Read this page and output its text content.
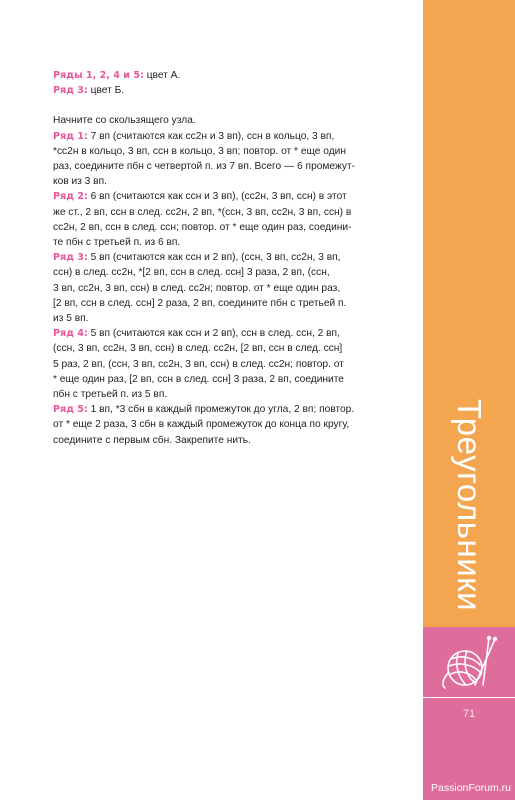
Ряды 1, 2, 4 и 5: цвет А.

Ряд 3: цвет Б.

Начните со скользящего узла.

Ряд 1: 7 вп (считаются как сс2н и 3 вп), ссн в кольцо, 3 вп,

*сс2н в кольцо, 3 вп, ссн в кольцо, 3 вп; повтор. от * еще один

раз, соедините пбн с четвертой п. из 7 вп. Всего — 6 промежут-

ков из 3 вп.

Ряд 2: 6 вп (считаются как ссн и 3 вп), (сс2н, 3 вп, ссн) в этот

же ст., 2 вп, ссн в след. сс2н, 2 вп, *(ссн, 3 вп, сс2н, 3 вп, ссн) в

сс2н, 2 вп, ссн в след. ссн; повтор. от * еще один раз, соедини-

те пбн с третьей п. из 6 вп.

Ряд 3: 5 вп (считаются как ссн и 2 вп), (ссн, 3 вп, сс2н, 3 вп,

ссн) в след. сс2н, *[2 вп, ссн в след. ссн] 3 раза, 2 вп, (ссн,

3 вп, сс2н, 3 вп, ссн) в след. сс2н; повтор. от * еще один раз,

[2 вп, ссн в след. ссн] 2 раза, 2 вп, соедините пбн с третьей п.

из 5 вп.

Ряд 4: 5 вп (считаются как ссн и 2 вп), ссн в след. ссн, 2 вп,

(ссн, 3 вп, сс2н, 3 вп, ссн) в след. сс2н, [2 вп, ссн в след. ссн]

5 раз, 2 вп, (ссн, 3 вп, сс2н, 3 вп, ссн) в след. сс2н; повтор. от

* еще один раз, [2 вп, ссн в след. ссн] 3 раза, 2 вп, соедините

пбн с третьей п. из 5 вп.

Ряд 5: 1 вп, *3 сбн в каждый промежуток до угла, 2 вп; повтор.

от * еще 2 раза, 3 сбн в каждый промежуток до конца по кругу,

соедините с первым сбн. Закрепите нить.	Треугольники
71
PassionForum.ru
